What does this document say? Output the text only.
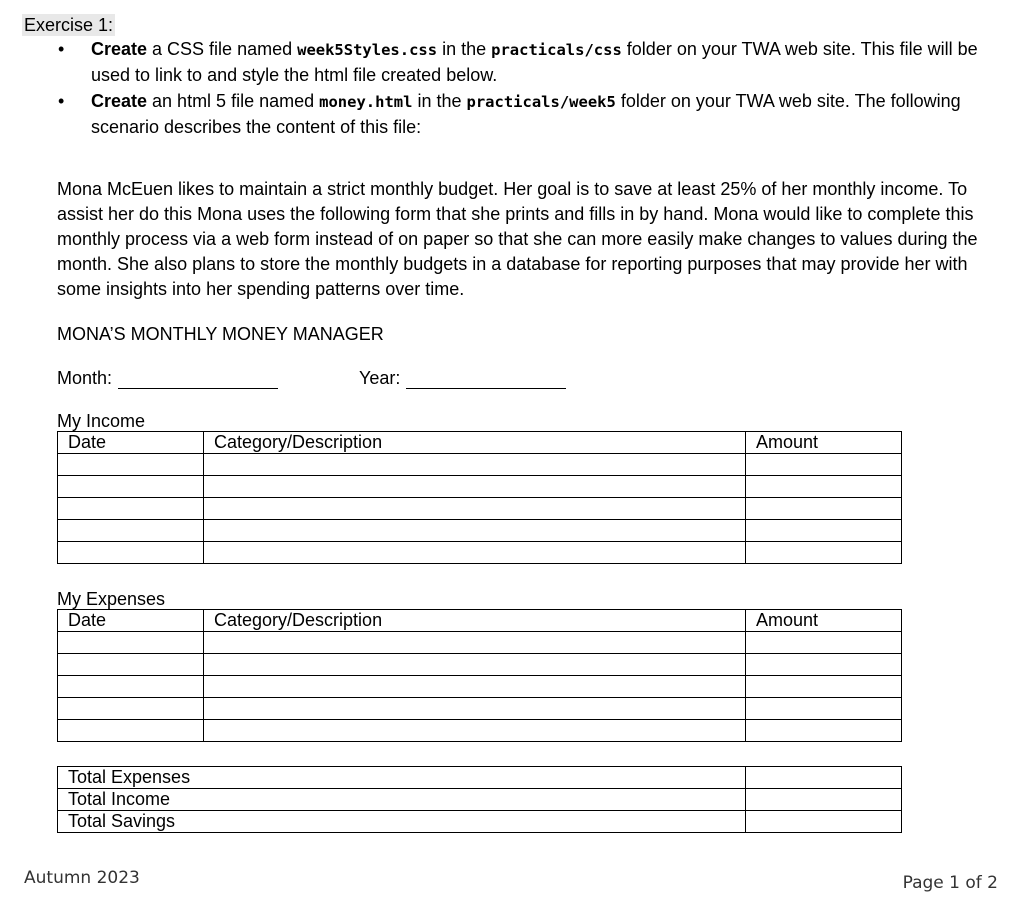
Exercise 1:
• Create a CSS file named week5Styles.css in the practicals/css folder on your TWA web site. This file will be used to link to and style the html file created below.
• Create an html 5 file named money.html in the practicals/week5 folder on your TWA web site. The following scenario describes the content of this file:
Mona McEuen likes to maintain a strict monthly budget. Her goal is to save at least 25% of her monthly income. To assist her do this Mona uses the following form that she prints and fills in by hand. Mona would like to complete this monthly process via a web form instead of on paper so that she can more easily make changes to values during the month. She also plans to store the monthly budgets in a database for reporting purposes that may provide her with some insights into her spending patterns over time.
MONA’S MONTHLY MONEY MANAGER
Month:	Year:
My Income
Date	Category/Description	Amount

My Expenses
Date	Category/Description	Amount

Total Expenses	
Total Income	
Total Savings	
Autumn 2023	Page 1 of 2
